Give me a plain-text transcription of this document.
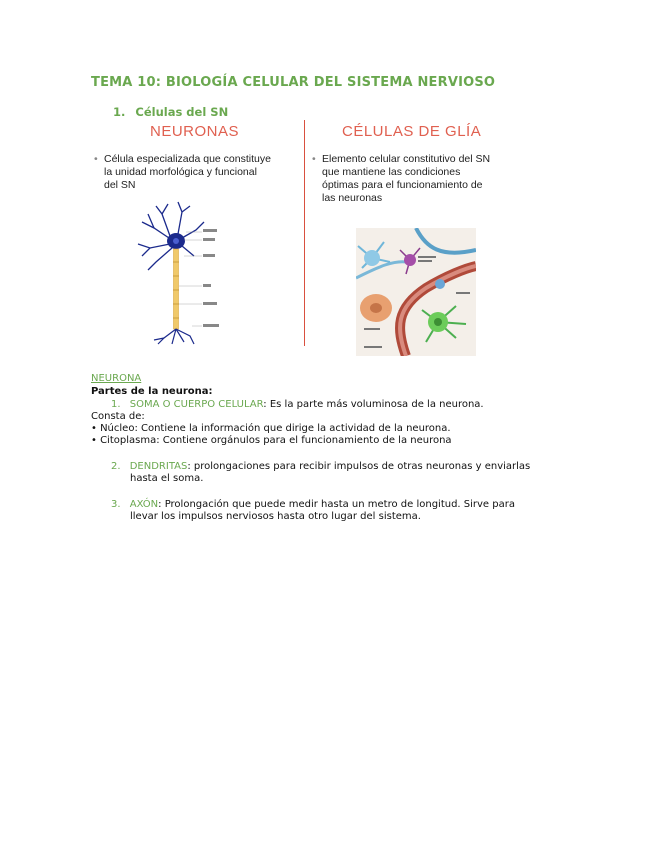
TEMA 10: BIOLOGÍA CELULAR DEL SISTEMA NERVIOSO
1. Células del SN
NEURONAS	CÉLULAS DE GLÍA
• Célula especializada que constituye
la unidad morfológica y funcional
del SN
• Elemento celular constitutivo del SN
que mantiene las condiciones
óptimas para el funcionamiento de
las neuronas
NEURONA
Partes de la neurona:
1. SOMA O CUERPO CELULAR: Es la parte más voluminosa de la neurona.
Consta de:
• Núcleo: Contiene la información que dirige la actividad de la neurona.
• Citoplasma: Contiene orgánulos para el funcionamiento de la neurona
2. DENDRITAS: prolongaciones para recibir impulsos de otras neuronas y enviarlas
hasta el soma.
3. AXÓN: Prolongación que puede medir hasta un metro de longitud. Sirve para
llevar los impulsos nerviosos hasta otro lugar del sistema.
